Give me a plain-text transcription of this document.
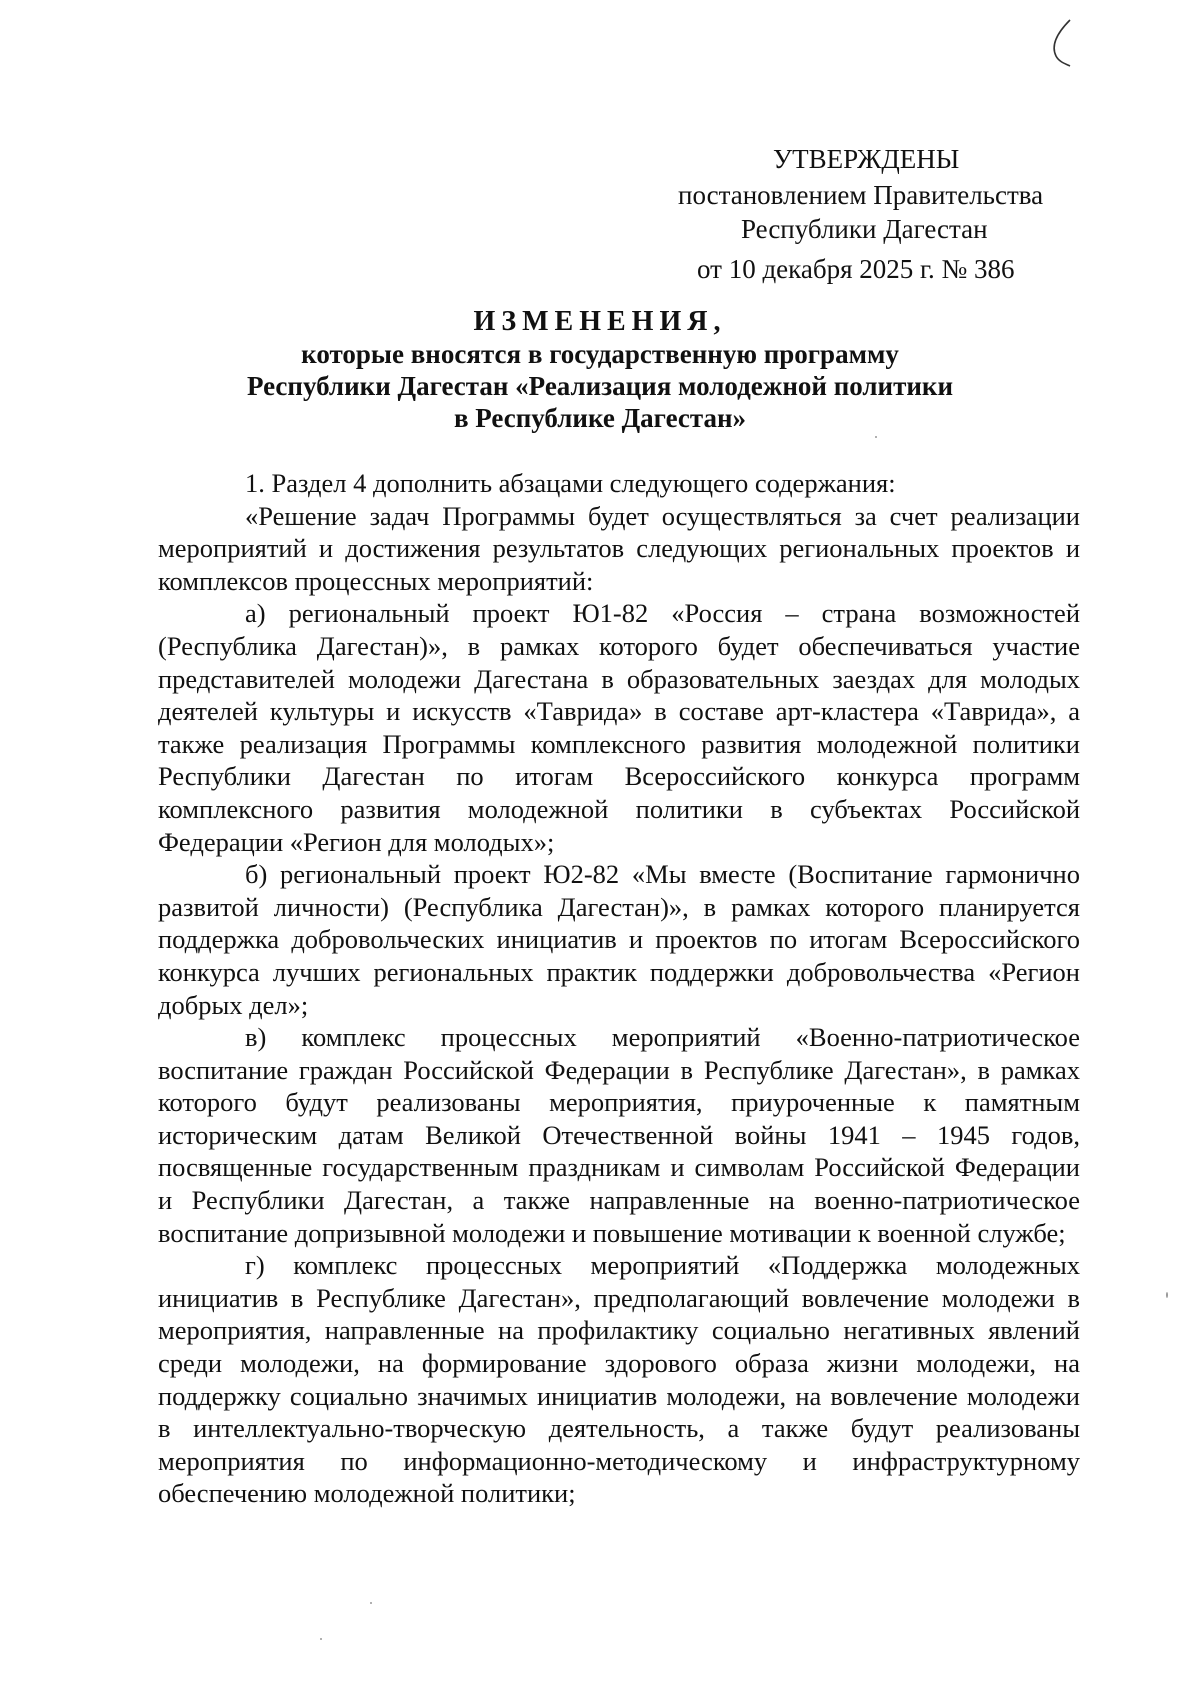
УТВЕРЖДЕНЫ
постановлением Правительства
Республики Дагестан
от 10 декабря 2025 г. № 386
ИЗМЕНЕНИЯ,
которые вносятся в государственную программу
Республики Дагестан «Реализация молодежной политики
в Республике Дагестан»

1. Раздел 4 дополнить абзацами следующего содержания:

«Решение задач Программы будет осуществляться за счет реализации мероприятий и достижения результатов следующих региональных проектов и комплексов процессных мероприятий:

а) региональный проект Ю1-82 «Россия – страна возможностей (Республика Дагестан)», в рамках которого будет обеспечиваться участие представителей молодежи Дагестана в образовательных заездах для молодых деятелей культуры и искусств «Таврида» в составе арт-кластера «Таврида», а также реализация Программы комплексного развития молодежной политики Республики Дагестан по итогам Всероссийского конкурса программ комплексного развития молодежной политики в субъектах Российской Федерации «Регион для молодых»;

б) региональный проект Ю2-82 «Мы вместе (Воспитание гармонично развитой личности) (Республика Дагестан)», в рамках которого планируется поддержка добровольческих инициатив и проектов по итогам Всероссийского конкурса лучших региональных практик поддержки добровольчества «Регион добрых дел»;

в) комплекс процессных мероприятий «Военно-патриотическое воспитание граждан Российской Федерации в Республике Дагестан», в рамках которого будут реализованы мероприятия, приуроченные к памятным историческим датам Великой Отечественной войны 1941 – 1945 годов, посвященные государственным праздникам и символам Российской Федерации и Республики Дагестан, а также направленные на военно-патриотическое воспитание допризывной молодежи и повышение мотивации к военной службе;

г) комплекс процессных мероприятий «Поддержка молодежных инициатив в Республике Дагестан», предполагающий вовлечение молодежи в мероприятия, направленные на профилактику социально негативных явлений среди молодежи, на формирование здорового образа жизни молодежи, на поддержку социально значимых инициатив молодежи, на вовлечение молодежи в интеллектуально-творческую деятельность, а также будут реализованы мероприятия по информационно-методическому и инфраструктурному обеспечению молодежной политики;
